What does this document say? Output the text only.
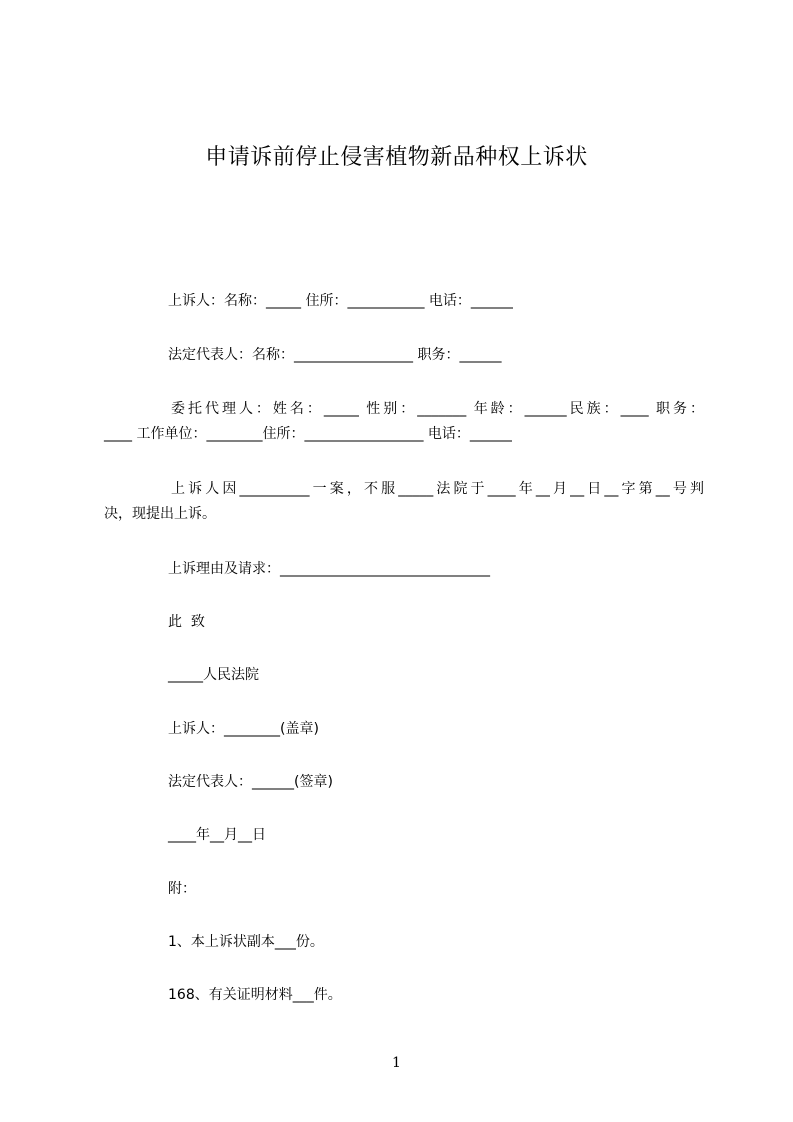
申请诉前停止侵害植物新品种权上诉状
上诉人：名称：_____ 住所：___________ 电话：______
法定代表人：名称：_________________ 职务：______
委托代理人：姓名：_____ 性别：_______ 年龄：______民族：____ 职务：
____ 工作单位：________住所：_________________ 电话：______
上诉人因__________一案，不服_____法院于____年__月__日__字第__号判
决，现提出上诉。
上诉理由及请求：______________________________
此  致
_____人民法院
上诉人：________(盖章)
法定代表人：______(签章)
____年__月__日
附：
1、本上诉状副本___份。
168、有关证明材料___件。
1
